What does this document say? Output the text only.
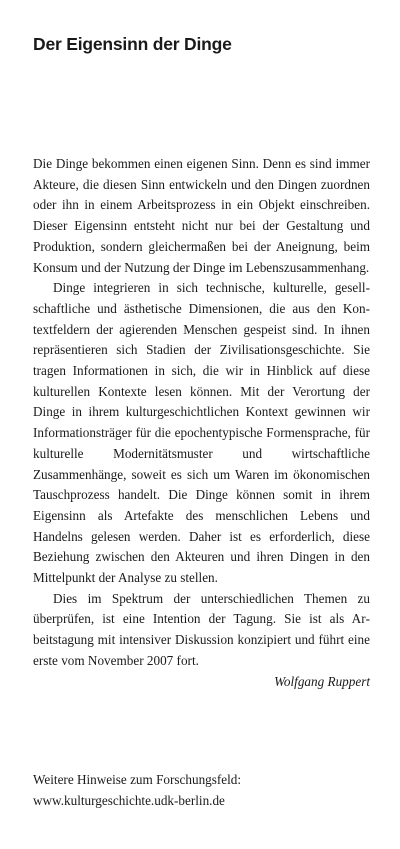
Der Eigensinn der Dinge

Die Dinge bekommen einen eigenen Sinn. Denn es sind immer Akteure, die diesen Sinn entwickeln und den Dingen zuordnen oder ihn in einem Arbeitsprozess in ein Objekt einschreiben. Dieser Eigensinn entsteht nicht nur bei der Gestaltung und Produktion, sondern gleichermaßen bei der Aneignung, beim Konsum und der Nutzung der Dinge im Lebenszusammenhang.

Dinge integrieren in sich technische, kulturelle, gesellschaftliche und ästhetische Dimensionen, die aus den Kontextfeldern der agierenden Menschen gespeist sind. In ihnen repräsentieren sich Stadien der Zivilisationsgeschichte. Sie tragen Informationen in sich, die wir in Hinblick auf diese kulturellen Kontexte lesen können. Mit der Verortung der Dinge in ihrem kulturgeschichtlichen Kontext gewinnen wir Informationsträger für die epochentypische Formensprache, für kulturelle Modernitätsmuster und wirtschaftliche Zusammenhänge, soweit es sich um Waren im ökonomischen Tauschprozess handelt. Die Dinge können somit in ihrem Eigensinn als Artefakte des menschlichen Lebens und Handelns gelesen werden. Daher ist es erforderlich, diese Beziehung zwischen den Akteuren und ihren Dingen in den Mittelpunkt der Analyse zu stellen.

Dies im Spektrum der unterschiedlichen Themen zu überprüfen, ist eine Intention der Tagung. Sie ist als Arbeitstagung mit intensiver Diskussion konzipiert und führt eine erste vom November 2007 fort.

Wolfgang Ruppert
Weitere Hinweise zum Forschungsfeld:
www.kulturgeschichte.udk-berlin.de
